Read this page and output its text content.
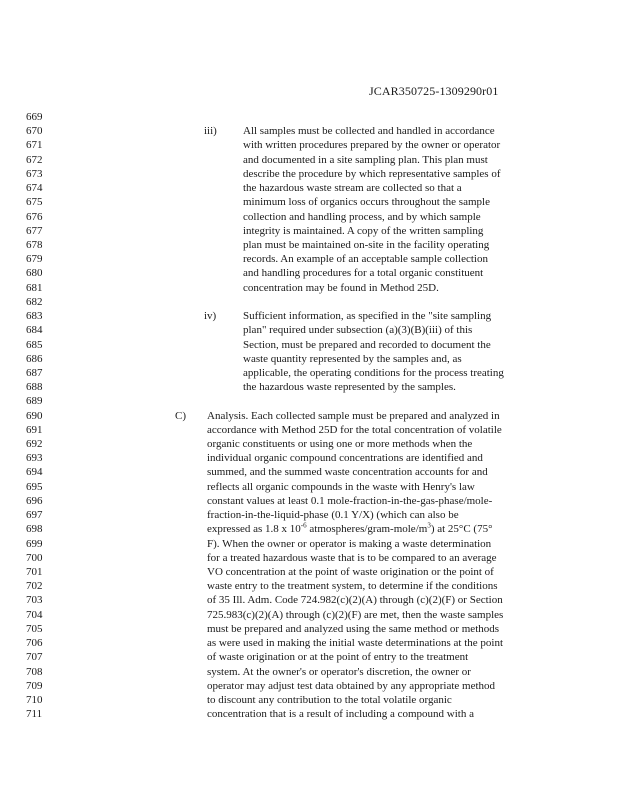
JCAR350725-1309290r01
669
670
671
672
673
674
675
676
677
678
679
680
681
682
683
684
685
686
687
688
689
690
691
692
693
694
695
696
697
698
699
700
701
702
703
704
705
706
707
708
709
710
711
iii) All samples must be collected and handled in accordance
with written procedures prepared by the owner or operator
and documented in a site sampling plan. This plan must
describe the procedure by which representative samples of
the hazardous waste stream are collected so that a
minimum loss of organics occurs throughout the sample
collection and handling process, and by which sample
integrity is maintained. A copy of the written sampling
plan must be maintained on-site in the facility operating
records. An example of an acceptable sample collection
and handling procedures for a total organic constituent
concentration may be found in Method 25D.
iv) Sufficient information, as specified in the "site sampling
plan" required under subsection (a)(3)(B)(iii) of this
Section, must be prepared and recorded to document the
waste quantity represented by the samples and, as
applicable, the operating conditions for the process treating
the hazardous waste represented by the samples.
C) Analysis. Each collected sample must be prepared and analyzed in
accordance with Method 25D for the total concentration of volatile
organic constituents or using one or more methods when the
individual organic compound concentrations are identified and
summed, and the summed waste concentration accounts for and
reflects all organic compounds in the waste with Henry's law
constant values at least 0.1 mole-fraction-in-the-gas-phase/mole-
fraction-in-the-liquid-phase (0.1 Y/X) (which can also be
expressed as 1.8 x $10^{-6}$ atmospheres/$gram-mole/m^3$) at 25°C (75°
F). When the owner or operator is making a waste determination
for a treated hazardous waste that is to be compared to an average
VO concentration at the point of waste origination or the point of
waste entry to the treatment system, to determine if the conditions
of 35 Ill. Adm. Code 724.982(c)(2)(A) through (c)(2)(F) or Section
725.983(c)(2)(A) through (c)(2)(F) are met, then the waste samples
must be prepared and analyzed using the same method or methods
as were used in making the initial waste determinations at the point
of waste origination or at the point of entry to the treatment
system. At the owner's or operator's discretion, the owner or
operator may adjust test data obtained by any appropriate method
to discount any contribution to the total volatile organic
concentration that is a result of including a compound with a
